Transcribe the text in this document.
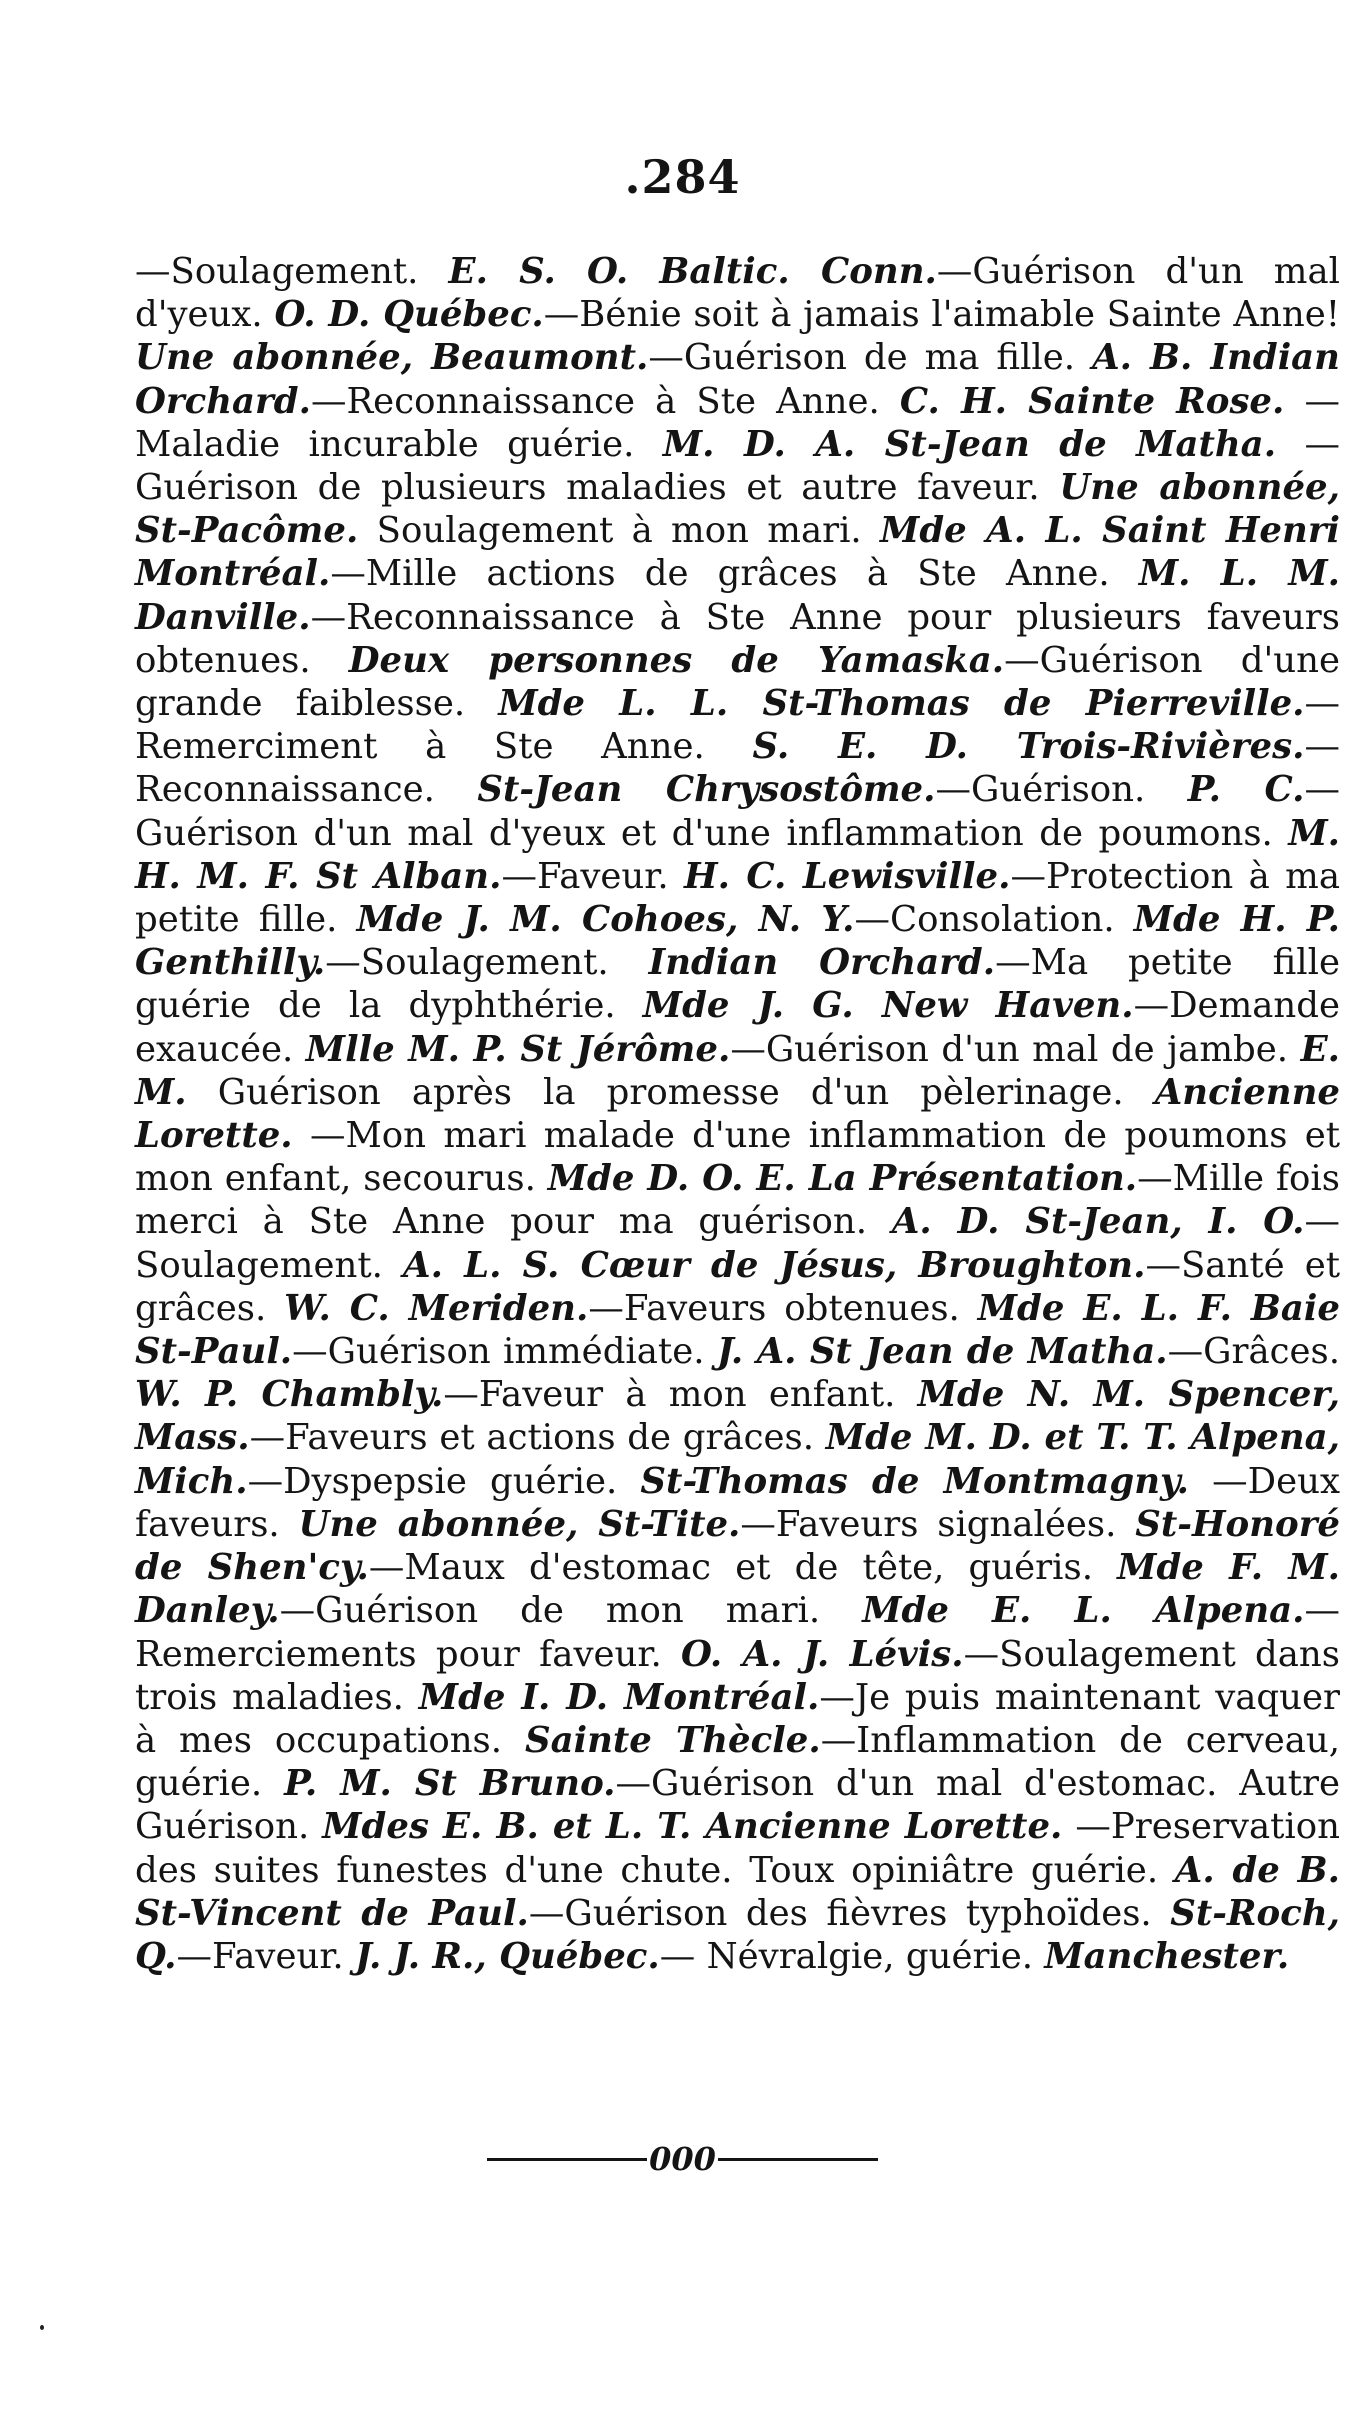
.284
—Soulagement. E. S. O. Baltic. Conn.—Guérison d'un mal d'yeux. O. D. Québec.—Bénie soit à jamais l'aimable Sainte Anne! Une abonnée, Beaumont.—Guérison de ma fille. A. B. Indian Orchard.—Reconnaissance à Ste Anne. C. H. Sainte Rose. —Maladie incurable guérie. M. D. A. St-Jean de Matha. —Guérison de plusieurs maladies et autre faveur. Une abonnée, St-Pacôme. Soulagement à mon mari. Mde A. L. Saint Henri Montréal.—Mille actions de grâces à Ste Anne. M. L. M. Danville.—Reconnaissance à Ste Anne pour plusieurs faveurs obtenues. Deux personnes de Yamaska.—Guérison d'une grande faiblesse. Mde L. L. St-Thomas de Pierreville.—Remerciment à Ste Anne. S. E. D. Trois-Rivières.—Reconnaissance. St-Jean Chrysostôme.—Guérison. P. C.—Guérison d'un mal d'yeux et d'une inflammation de poumons. M. H. M. F. St Alban.—Faveur. H. C. Lewisville.—Protection à ma petite fille. Mde J. M. Cohoes, N. Y.—Consolation. Mde H. P. Genthilly.—Soulagement. Indian Orchard.—Ma petite fille guérie de la dyphthérie. Mde J. G. New Haven.—Demande exaucée. Mlle M. P. St Jérôme.—Guérison d'un mal de jambe. E. M. Guérison après la promesse d'un pèlerinage. Ancienne Lorette. —Mon mari malade d'une inflammation de poumons et mon enfant, secourus. Mde D. O. E. La Présentation.—Mille fois merci à Ste Anne pour ma guérison. A. D. St-Jean, I. O.—Soulagement. A. L. S. Cœur de Jésus, Broughton.—Santé et grâces. W. C. Meriden.—Faveurs obtenues. Mde E. L. F. Baie St-Paul.—Guérison immédiate. J. A. St Jean de Matha.—Grâces. W. P. Chambly.—Faveur à mon enfant. Mde N. M. Spencer, Mass.—Faveurs et actions de grâces. Mde M. D. et T. T. Alpena, Mich.—Dyspepsie guérie. St-Thomas de Montmagny. —Deux faveurs. Une abonnée, St-Tite.—Faveurs signalées. St-Honoré de Shen'cy.—Maux d'estomac et de tête, guéris. Mde F. M. Danley.—Guérison de mon mari. Mde E. L. Alpena.—Remerciements pour faveur. O. A. J. Lévis.—Soulagement dans trois maladies. Mde I. D. Montréal.—Je puis maintenant vaquer à mes occupations. Sainte Thècle.—Inflammation de cerveau, guérie. P. M. St Bruno.—Guérison d'un mal d'estomac. Autre Guérison. Mdes E. B. et L. T. Ancienne Lorette. —Preservation des suites funestes d'une chute. Toux opiniâtre guérie. A. de B. St-Vincent de Paul.—Guérison des fièvres typhoïdes. St-Roch, Q.—Faveur. J. J. R., Québec.— Névralgie, guérie. Manchester.
000
